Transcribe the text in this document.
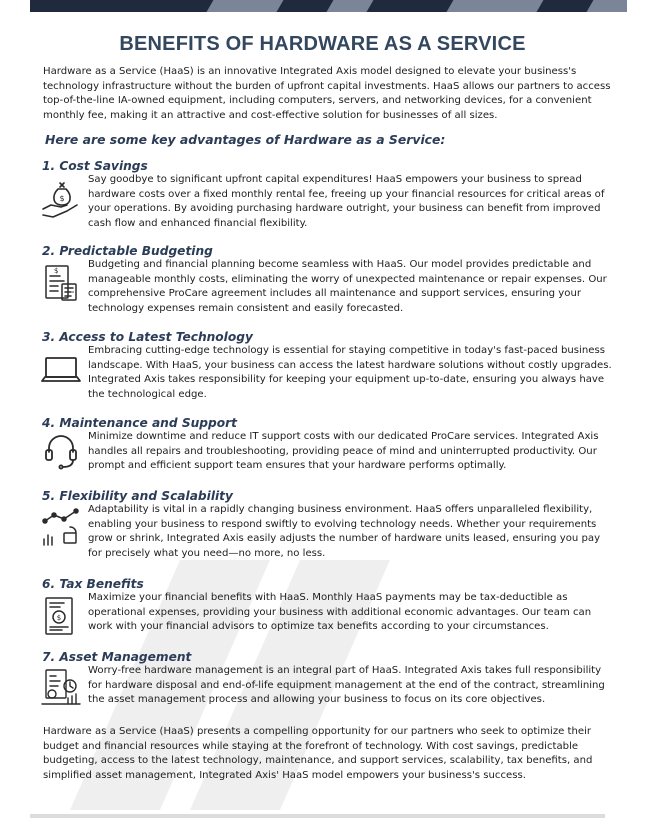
BENEFITS OF HARDWARE AS A SERVICE
Hardware as a Service (HaaS) is an innovative Integrated Axis model designed to elevate your business's technology infrastructure without the burden of upfront capital investments. HaaS allows our partners to access top-of-the-line IA-owned equipment, including computers, servers, and networking devices, for a convenient monthly fee, making it an attractive and cost-effective solution for businesses of all sizes.
Here are some key advantages of Hardware as a Service:
1. Cost Savings
$
Say goodbye to significant upfront capital expenditures! HaaS empowers your business to spread hardware costs over a fixed monthly rental fee, freeing up your financial resources for critical areas of your operations. By avoiding purchasing hardware outright, your business can benefit from improved cash flow and enhanced financial flexibility.
2. Predictable Budgeting
$
Budgeting and financial planning become seamless with HaaS. Our model provides predictable and manageable monthly costs, eliminating the worry of unexpected maintenance or repair expenses. Our comprehensive ProCare agreement includes all maintenance and support services, ensuring your technology expenses remain consistent and easily forecasted.
3. Access to Latest Technology
Embracing cutting-edge technology is essential for staying competitive in today's fast-paced business landscape. With HaaS, your business can access the latest hardware solutions without costly upgrades. Integrated Axis takes responsibility for keeping your equipment up-to-date, ensuring you always have the technological edge.
4. Maintenance and Support
Minimize downtime and reduce IT support costs with our dedicated ProCare services. Integrated Axis handles all repairs and troubleshooting, providing peace of mind and uninterrupted productivity. Our prompt and efficient support team ensures that your hardware performs optimally.
5. Flexibility and Scalability
Adaptability is vital in a rapidly changing business environment. HaaS offers unparalleled flexibility, enabling your business to respond swiftly to evolving technology needs. Whether your requirements grow or shrink, Integrated Axis easily adjusts the number of hardware units leased, ensuring you pay for precisely what you need—no more, no less.
6. Tax Benefits
$
Maximize your financial benefits with HaaS. Monthly HaaS payments may be tax-deductible as operational expenses, providing your business with additional economic advantages. Our team can work with your financial advisors to optimize tax benefits according to your circumstances.
7. Asset Management
Worry-free hardware management is an integral part of HaaS. Integrated Axis takes full responsibility for hardware disposal and end-of-life equipment management at the end of the contract, streamlining the asset management process and allowing your business to focus on its core objectives.
Hardware as a Service (HaaS) presents a compelling opportunity for our partners who seek to optimize their budget and financial resources while staying at the forefront of technology. With cost savings, predictable budgeting, access to the latest technology, maintenance, and support services, scalability, tax benefits, and simplified asset management, Integrated Axis' HaaS model empowers your business's success.
